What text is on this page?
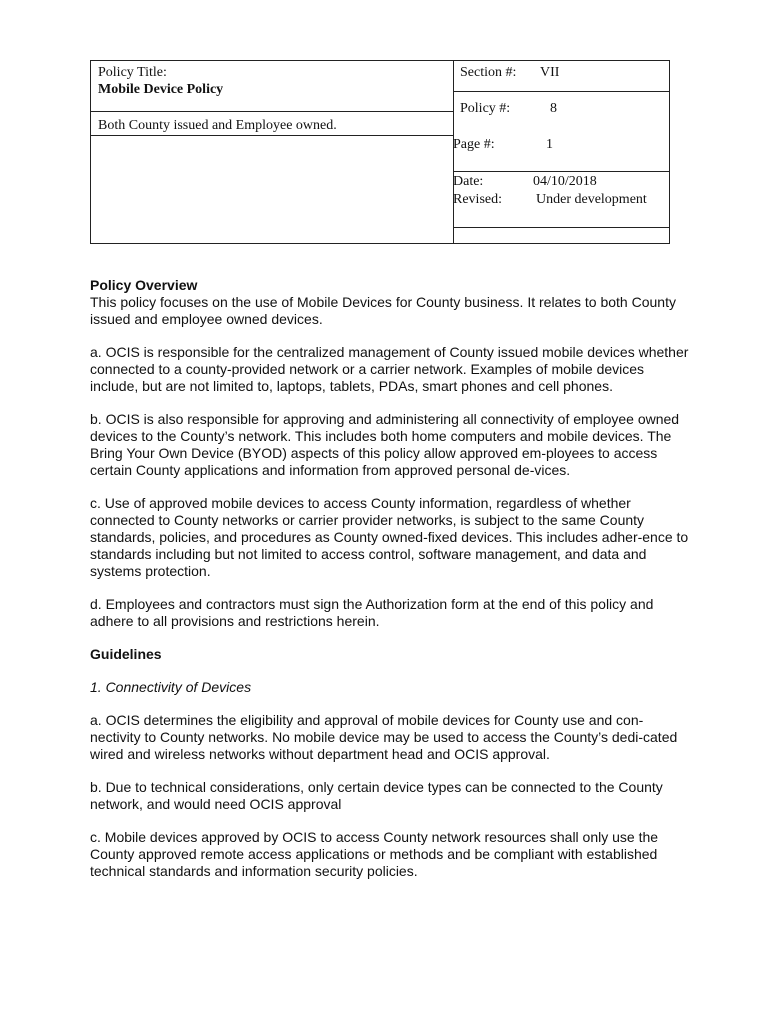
Policy Title:
Mobile Device Policy
Both County issued and Employee owned.
Section #: VII
Policy #:	8
Page #:	1
Date:	04/10/2018
Revised: Under development
Policy Overview

This policy focuses on the use of Mobile Devices for County business. It relates to both County issued and employee owned devices.

a. OCIS is responsible for the centralized management of County issued mobile devices whether connected to a county-provided network or a carrier network. Examples of mobile devices include, but are not limited to, laptops, tablets, PDAs, smart phones and cell phones.

b. OCIS is also responsible for approving and administering all connectivity of employee owned devices to the County’s network. This includes both home computers and mobile devices. The Bring Your Own Device (BYOD) aspects of this policy allow approved em-ployees to access certain County applications and information from approved personal de-vices.

c. Use of approved mobile devices to access County information, regardless of whether connected to County networks or carrier provider networks, is subject to the same County standards, policies, and procedures as County owned-fixed devices. This includes adher-ence to standards including but not limited to access control, software management, and data and systems protection.

d. Employees and contractors must sign the Authorization form at the end of this policy and adhere to all provisions and restrictions herein.

Guidelines

1. Connectivity of Devices

a. OCIS determines the eligibility and approval of mobile devices for County use and con-nectivity to County networks. No mobile device may be used to access the County’s dedi-cated wired and wireless networks without department head and OCIS approval.

b. Due to technical considerations, only certain device types can be connected to the County network, and would need OCIS approval

c. Mobile devices approved by OCIS to access County network resources shall only use the County approved remote access applications or methods and be compliant with established technical standards and information security policies.
